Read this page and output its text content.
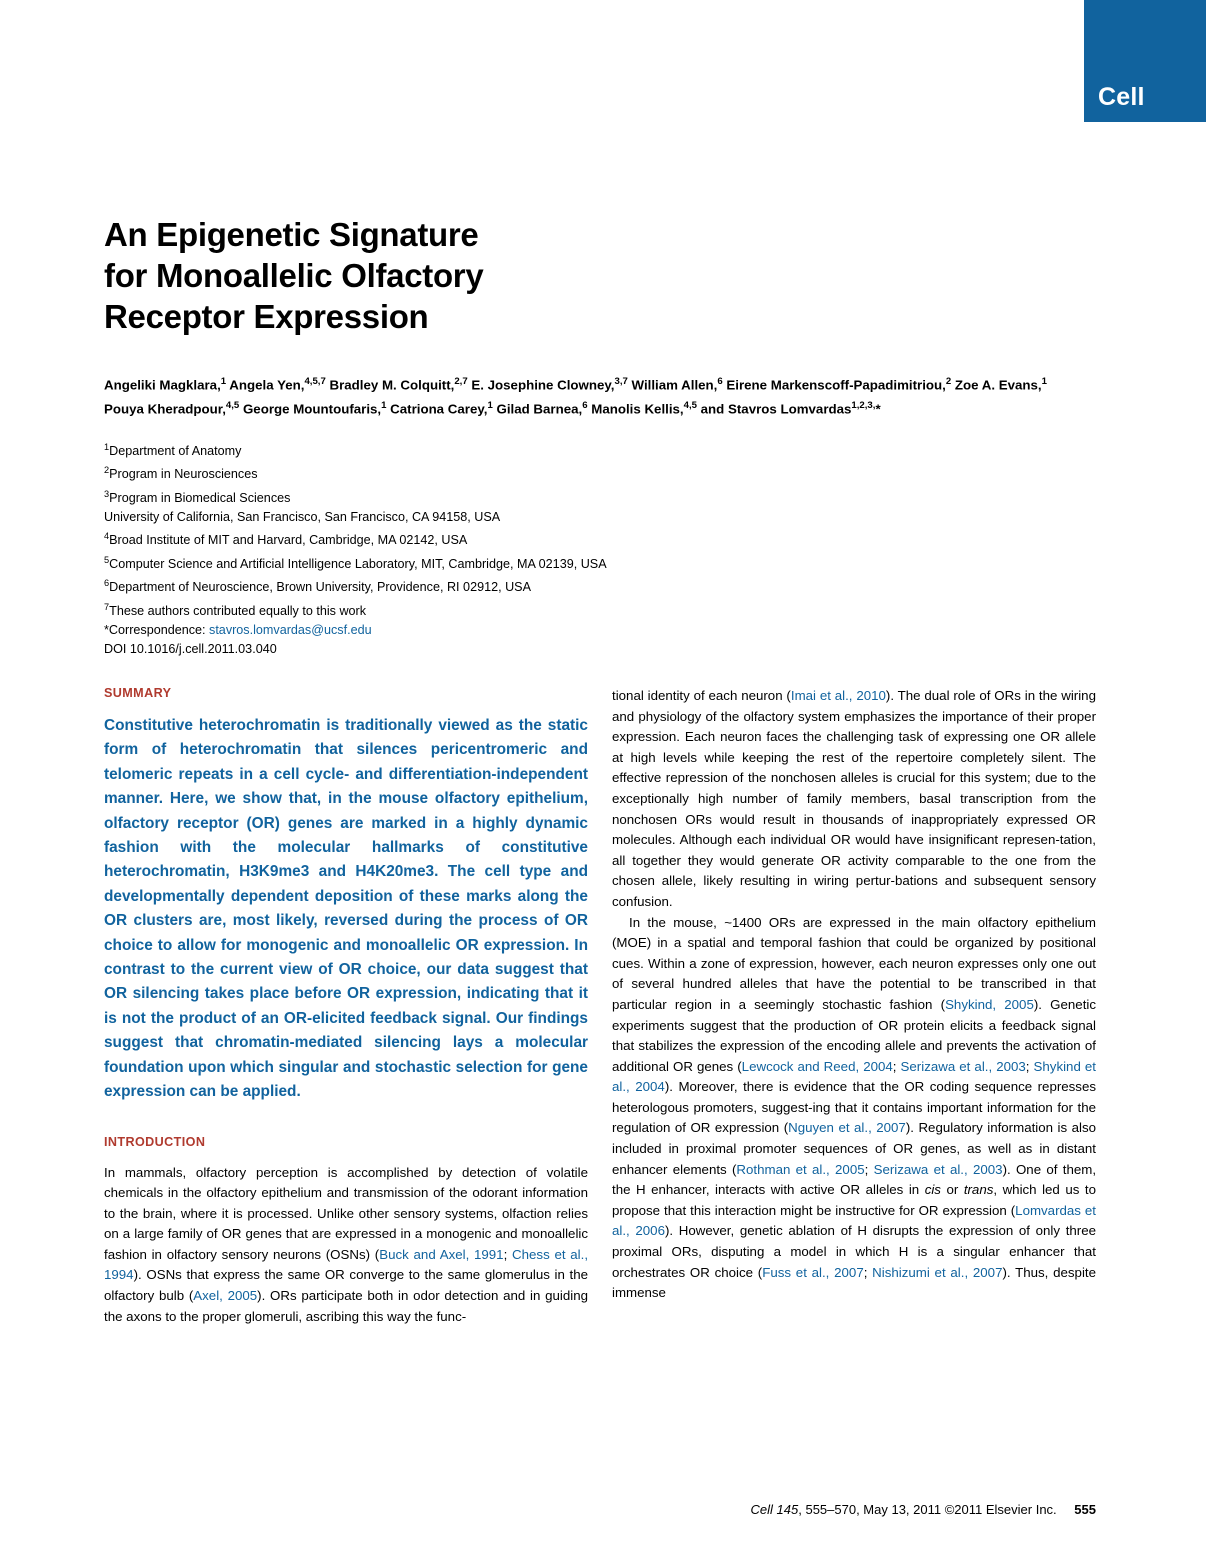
Cell
An Epigenetic Signature
for Monoallelic Olfactory
Receptor Expression
Angeliki Magklara,$^1$ Angela Yen,$^{4,5,7}$ Bradley M. Colquitt,$^{2,7}$ E. Josephine Clowney,$^{3,7}$ William Allen,$^6$ Eirene Markenscoff-Papadimitriou,$^2$ Zoe A. Evans,$^1$ Pouya Kheradpour,$^{4,5}$ George Mountoufaris,$^1$ Catriona Carey,$^1$ Gilad Barnea,$^6$ Manolis Kellis,$^{4,5}$ and Stavros Lomvardas$^{1,2,3,}$*
$^1$Department of Anatomy
$^2$Program in Neurosciences
$^3$Program in Biomedical Sciences
University of California, San Francisco, San Francisco, CA 94158, USA
$^4$Broad Institute of MIT and Harvard, Cambridge, MA 02142, USA
$^5$Computer Science and Artificial Intelligence Laboratory, MIT, Cambridge, MA 02139, USA
$^6$Department of Neuroscience, Brown University, Providence, RI 02912, USA
$^7$These authors contributed equally to this work
*Correspondence: stavros.lomvardas@ucsf.edu
DOI 10.1016/j.cell.2011.03.040
SUMMARY

Constitutive heterochromatin is traditionally viewed as the static form of heterochromatin that silences pericentromeric and telomeric repeats in a cell cycle- and differentiation-independent manner. Here, we show that, in the mouse olfactory epithelium, olfactory receptor (OR) genes are marked in a highly dynamic fashion with the molecular hallmarks of constitutive heterochromatin, H3K9me3 and H4K20me3. The cell type and developmentally dependent deposition of these marks along the OR clusters are, most likely, reversed during the process of OR choice to allow for monogenic and monoallelic OR expression. In contrast to the current view of OR choice, our data suggest that OR silencing takes place before OR expression, indicating that it is not the product of an OR-elicited feedback signal. Our findings suggest that chromatin-mediated silencing lays a molecular foundation upon which singular and stochastic selection for gene expression can be applied.

INTRODUCTION

In mammals, olfactory perception is accomplished by detection of volatile chemicals in the olfactory epithelium and transmission of the odorant information to the brain, where it is processed. Unlike other sensory systems, olfaction relies on a large family of OR genes that are expressed in a monogenic and monoallelic fashion in olfactory sensory neurons (OSNs) (Buck and Axel, 1991; Chess et al., 1994). OSNs that express the same OR converge to the same glomerulus in the olfactory bulb (Axel, 2005). ORs participate both in odor detection and in guiding the axons to the proper glomeruli, ascribing this way the func-

tional identity of each neuron (Imai et al., 2010). The dual role of ORs in the wiring and physiology of the olfactory system emphasizes the importance of their proper expression. Each neuron faces the challenging task of expressing one OR allele at high levels while keeping the rest of the repertoire completely silent. The effective repression of the nonchosen alleles is crucial for this system; due to the exceptionally high number of family members, basal transcription from the nonchosen ORs would result in thousands of inappropriately expressed OR molecules. Although each individual OR would have insignificant represen-tation, all together they would generate OR activity comparable to the one from the chosen allele, likely resulting in wiring pertur-bations and subsequent sensory confusion.

In the mouse, ~1400 ORs are expressed in the main olfactory epithelium (MOE) in a spatial and temporal fashion that could be organized by positional cues. Within a zone of expression, however, each neuron expresses only one out of several hundred alleles that have the potential to be transcribed in that particular region in a seemingly stochastic fashion (Shykind, 2005). Genetic experiments suggest that the production of OR protein elicits a feedback signal that stabilizes the expression of the encoding allele and prevents the activation of additional OR genes (Lewcock and Reed, 2004; Serizawa et al., 2003; Shykind et al., 2004). Moreover, there is evidence that the OR coding sequence represses heterologous promoters, suggest-ing that it contains important information for the regulation of OR expression (Nguyen et al., 2007). Regulatory information is also included in proximal promoter sequences of OR genes, as well as in distant enhancer elements (Rothman et al., 2005; Serizawa et al., 2003). One of them, the H enhancer, interacts with active OR alleles in cis or trans, which led us to propose that this interaction might be instructive for OR expression (Lomvardas et al., 2006). However, genetic ablation of H disrupts the expression of only three proximal ORs, disputing a model in which H is a singular enhancer that orchestrates OR choice (Fuss et al., 2007; Nishizumi et al., 2007). Thus, despite immense

Cell 145, 555–570, May 13, 2011 ©2011 Elsevier Inc. 555
